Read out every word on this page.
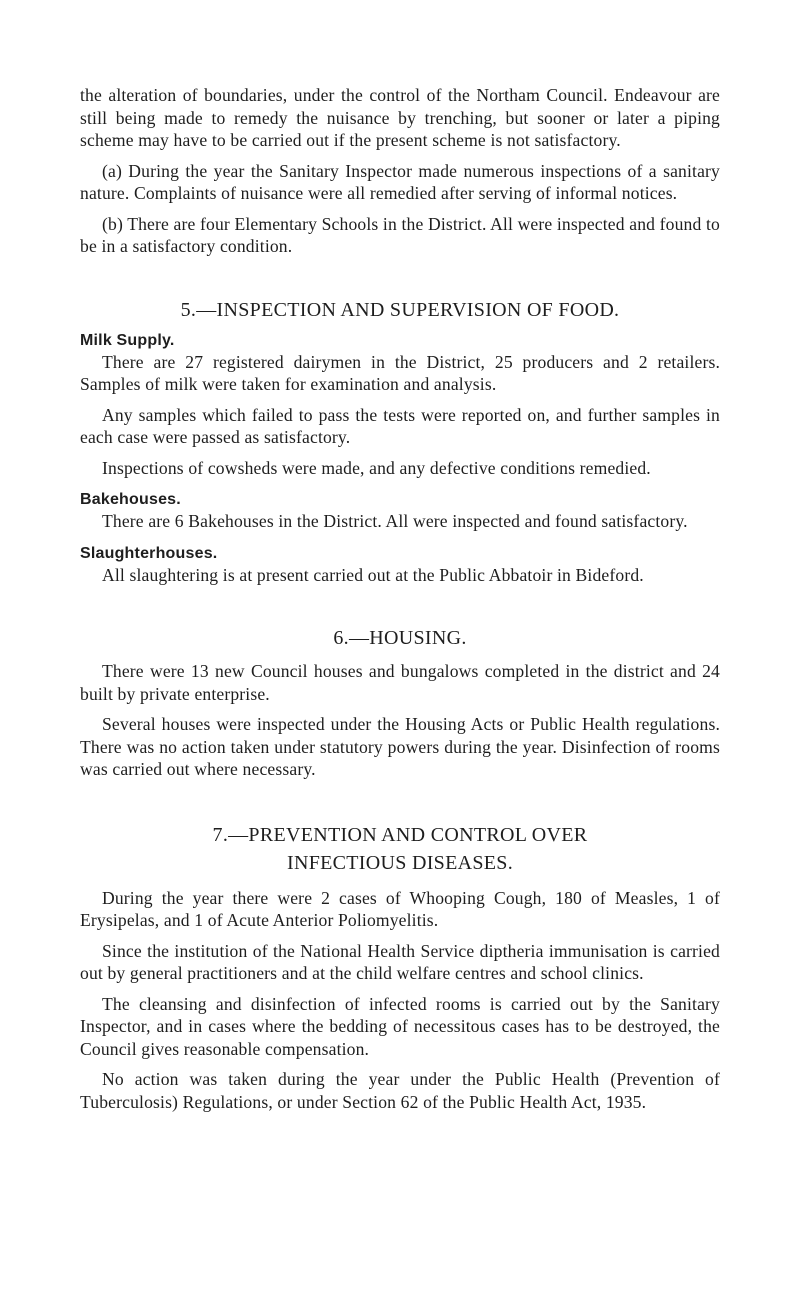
the alteration of boundaries, under the control of the Northam Council. Endeavour are still being made to remedy the nuisance by trenching, but sooner or later a piping scheme may have to be carried out if the present scheme is not satisfactory.

(a) During the year the Sanitary Inspector made numerous inspections of a sanitary nature. Complaints of nuisance were all remedied after serving of informal notices.

(b) There are four Elementary Schools in the District. All were inspected and found to be in a satisfactory condition.

5.—INSPECTION AND SUPERVISION OF FOOD.
Milk Supply.

There are 27 registered dairymen in the District, 25 producers and 2 retailers. Samples of milk were taken for examination and analysis.

Any samples which failed to pass the tests were reported on, and further samples in each case were passed as satisfactory.

Inspections of cowsheds were made, and any defective conditions remedied.

Bakehouses.

There are 6 Bakehouses in the District. All were inspected and found satisfactory.

Slaughterhouses.

All slaughtering is at present carried out at the Public Abbatoir in Bideford.

6.—HOUSING.

There were 13 new Council houses and bungalows completed in the district and 24 built by private enterprise.

Several houses were inspected under the Housing Acts or Public Health regulations. There was no action taken under statutory powers during the year. Disinfection of rooms was carried out where necessary.

7.—PREVENTION AND CONTROL OVER
INFECTIOUS DISEASES.

During the year there were 2 cases of Whooping Cough, 180 of Measles, 1 of Erysipelas, and 1 of Acute Anterior Poliomyelitis.

Since the institution of the National Health Service diptheria immunisation is carried out by general practitioners and at the child welfare centres and school clinics.

The cleansing and disinfection of infected rooms is carried out by the Sanitary Inspector, and in cases where the bedding of necessitous cases has to be destroyed, the Council gives reasonable compensation.

No action was taken during the year under the Public Health (Prevention of Tuberculosis) Regulations, or under Section 62 of the Public Health Act, 1935.
